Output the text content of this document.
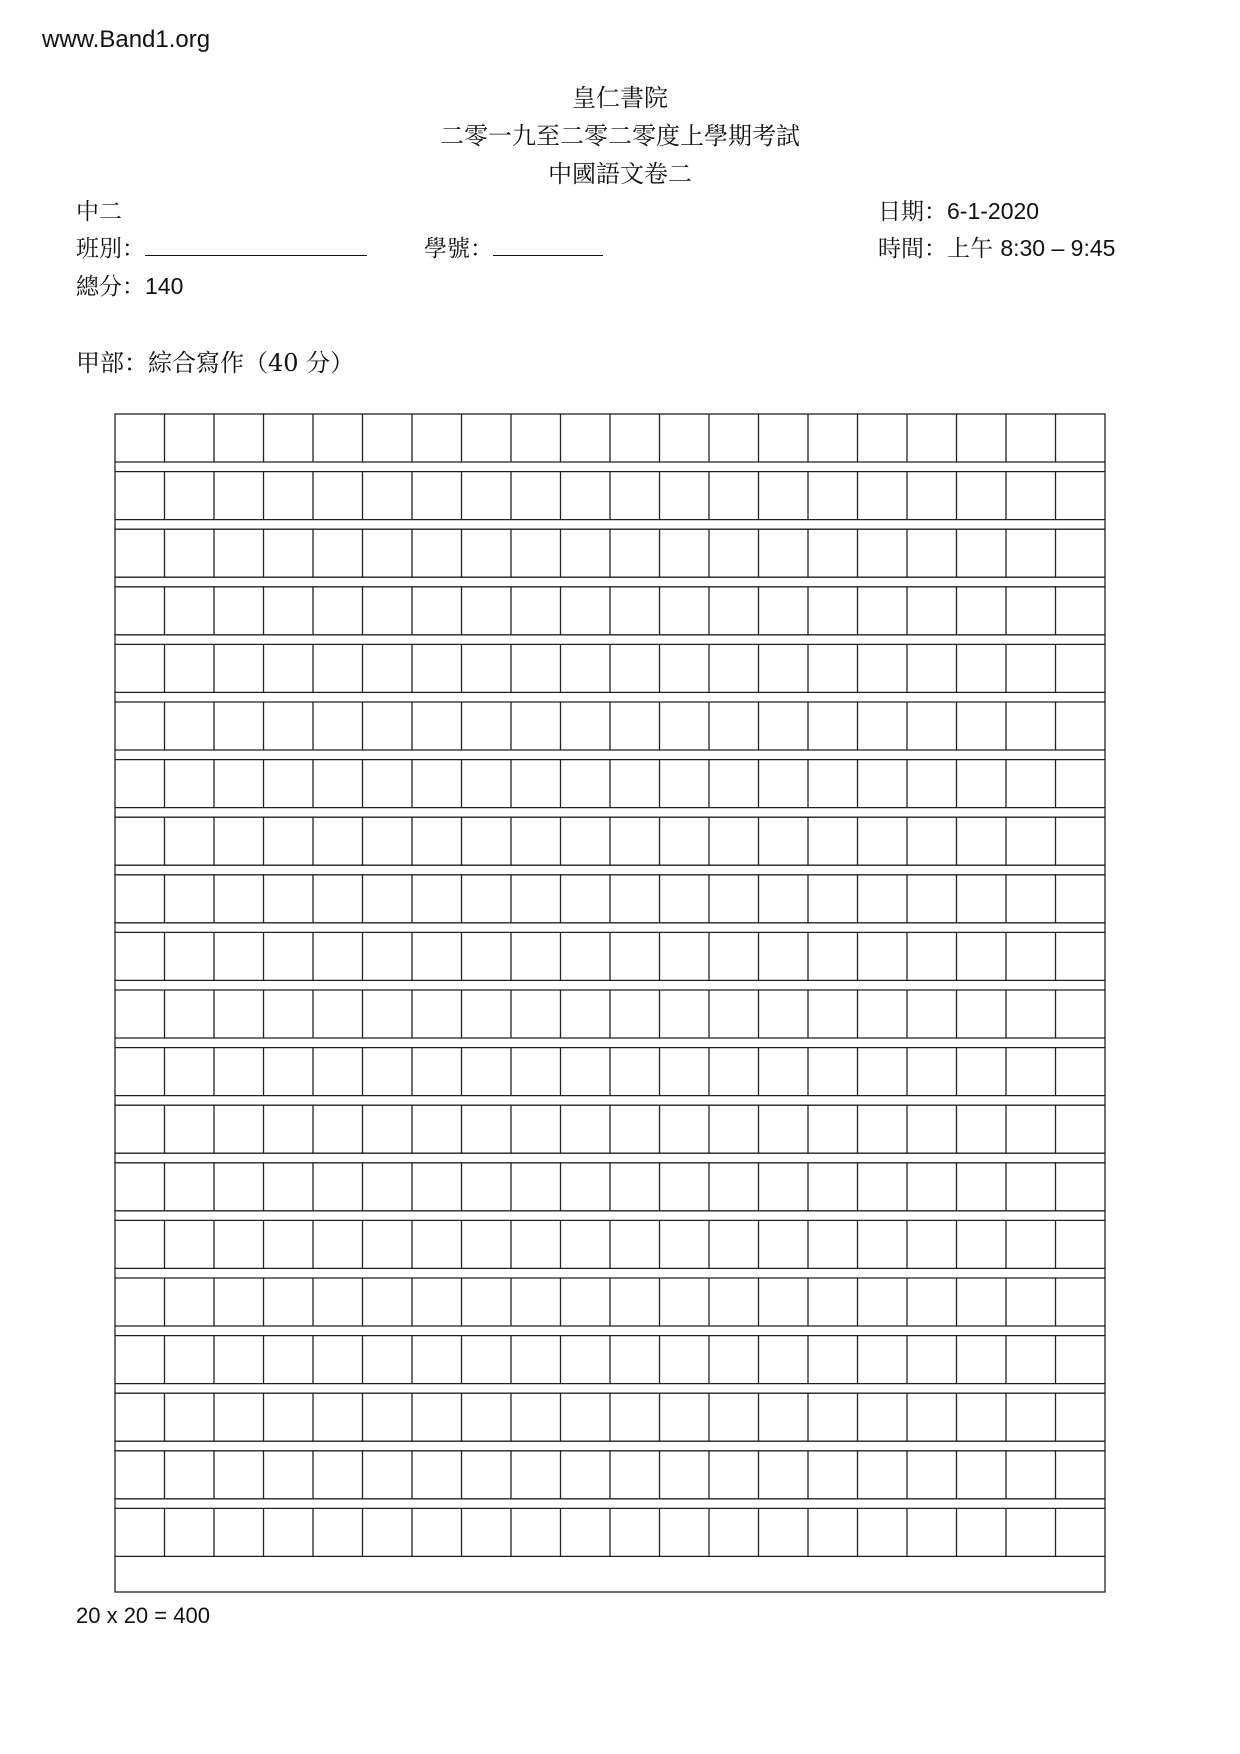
www.Band1.org
皇仁書院
二零一九至二零二零度上學期考試
中國語文卷二
中二
班別：	學號：
總分：140
日期：6-1-2020
時間：上午 8:30 – 9:45
甲部：綜合寫作（40 分）
20 x 20 = 400
